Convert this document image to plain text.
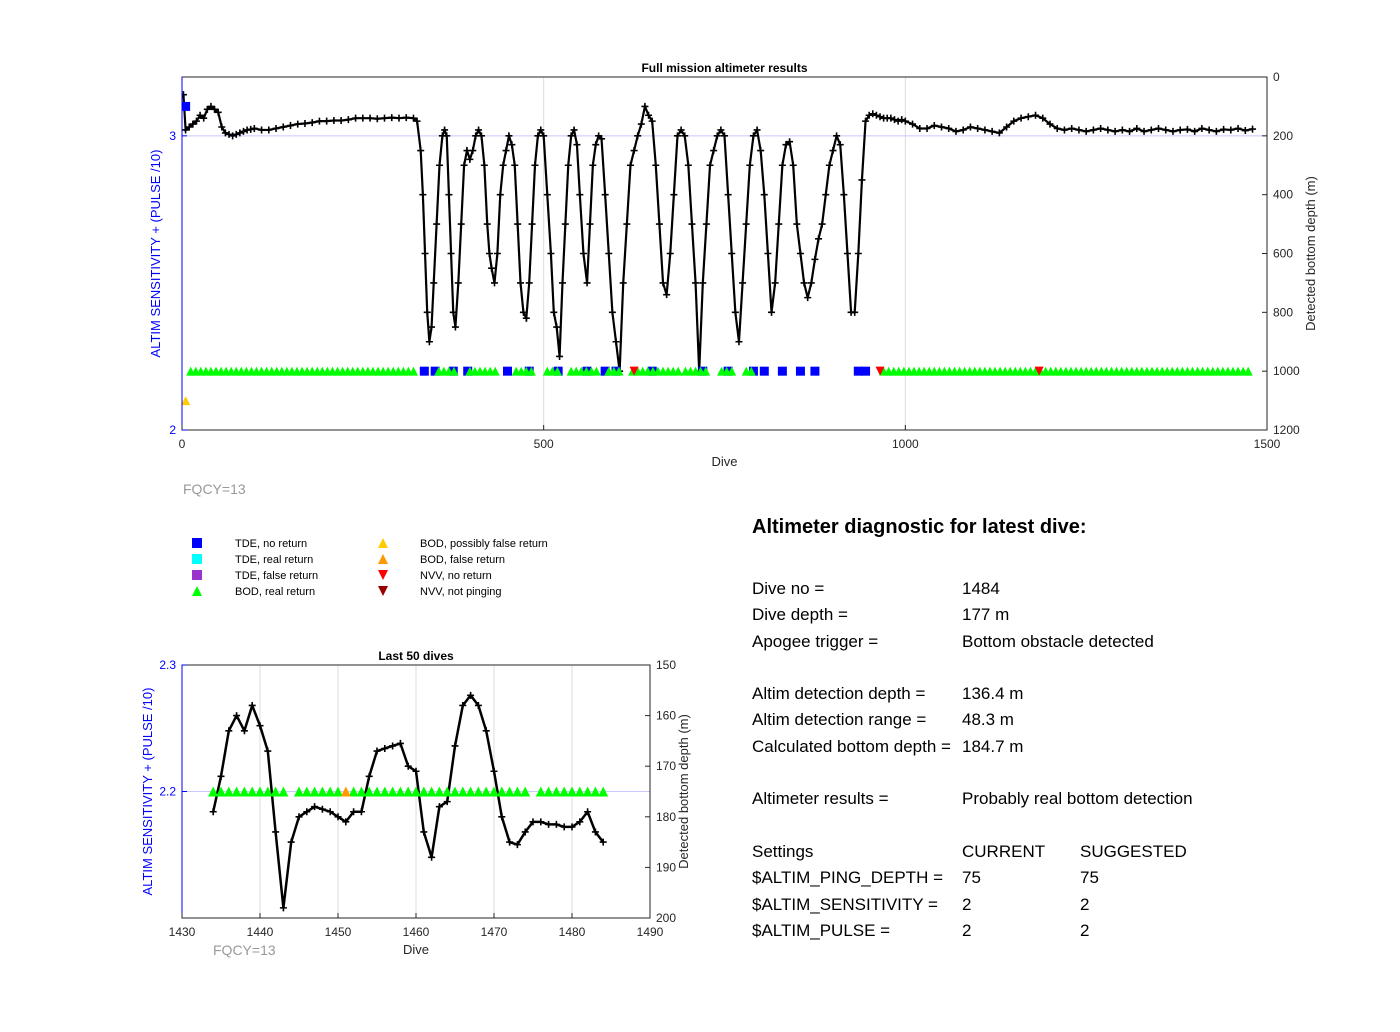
0	500	1000	1500
2
3
0
200
400
600
800
1000
1200
Full mission altimeter results
Dive
ALTIM SENSITIVITY + (PULSE /10)	Detected bottom depth (m)
FQCY=13
1430	1440	1450	1460	1470	1480	1490
2.2
2.3	150
160
170
180
190
200
Last 50 dives
Dive
ALTIM SENSITIVITY + (PULSE /10)	Detected bottom depth (m)
FQCY=13
TDE, no return
TDE, real return
TDE, false return
BOD, real return
BOD, possibly false return
BOD, false return
NVV, no return
NVV, not pinging
Altimeter diagnostic for latest dive:
Dive no =	1484
Dive depth =	177 m
Apogee trigger =	Bottom obstacle detected
Altim detection depth =	136.4 m
Altim detection range =	48.3 m
Calculated bottom depth = 184.7 m
Altimeter results =	Probably real bottom detection
Settings	CURRENT	SUGGESTED
$ALTIM_PING_DEPTH =	75	75
$ALTIM_SENSITIVITY =	2	2
$ALTIM_PULSE =	2	2
